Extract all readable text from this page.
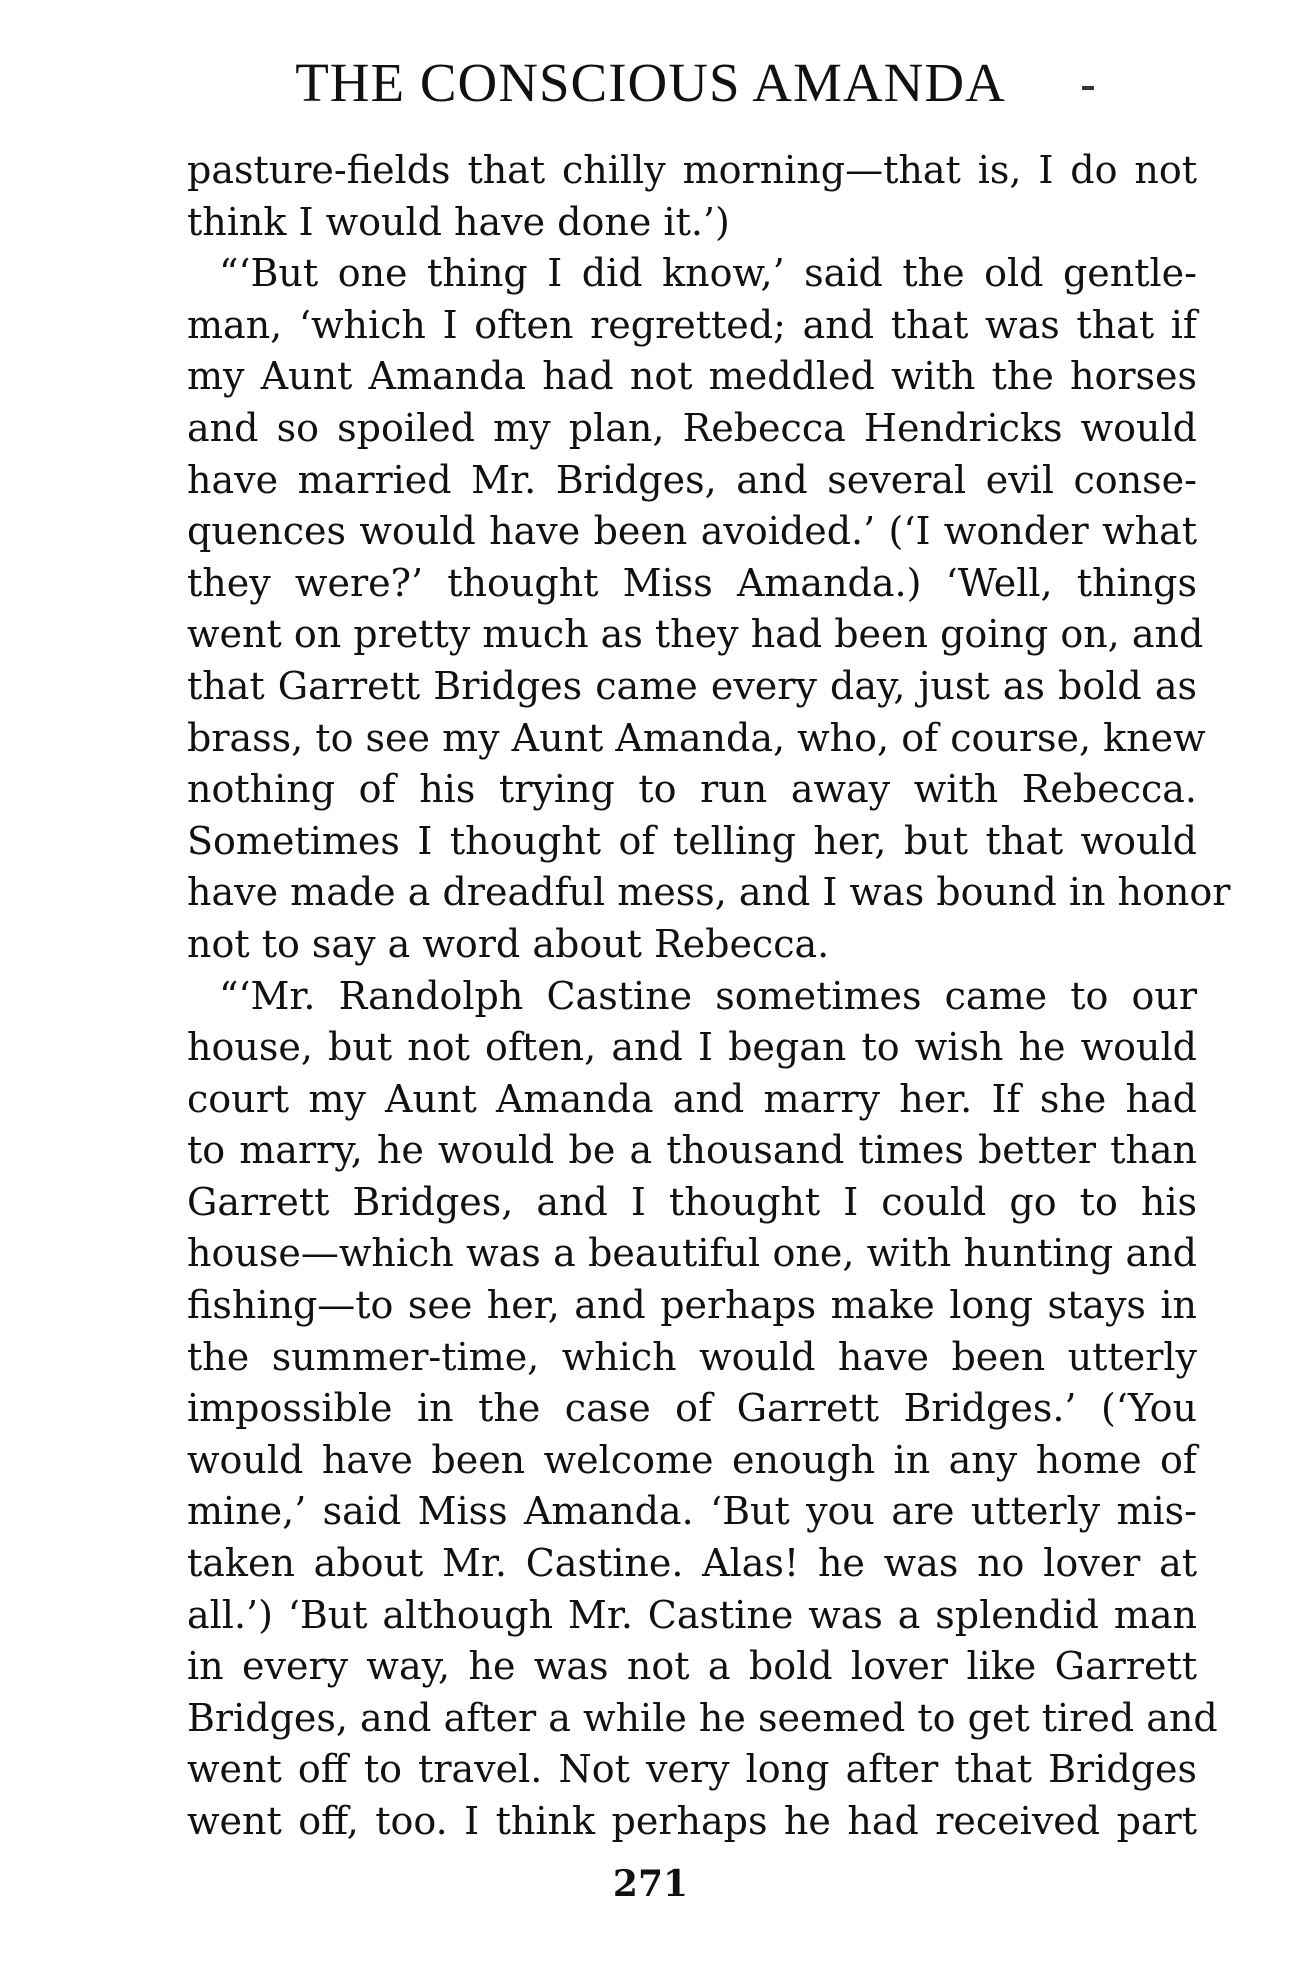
THE CONSCIOUS AMANDA
pasture-fields that chilly morning—that is, I do not
think I would have done it.’)
“‘But one thing I did know,’ said the old gentle-
man, ‘which I often regretted; and that was that if
my Aunt Amanda had not meddled with the horses
and so spoiled my plan, Rebecca Hendricks would
have married Mr. Bridges, and several evil conse-
quences would have been avoided.’ (‘I wonder what
they were?’ thought Miss Amanda.) ‘Well, things
went on pretty much as they had been going on, and
that Garrett Bridges came every day, just as bold as
brass, to see my Aunt Amanda, who, of course, knew
nothing of his trying to run away with Rebecca.
Sometimes I thought of telling her, but that would
have made a dreadful mess, and I was bound in honor
not to say a word about Rebecca.
“‘Mr. Randolph Castine sometimes came to our
house, but not often, and I began to wish he would
court my Aunt Amanda and marry her. If she had
to marry, he would be a thousand times better than
Garrett Bridges, and I thought I could go to his
house—which was a beautiful one, with hunting and
fishing—to see her, and perhaps make long stays in
the summer-time, which would have been utterly
impossible in the case of Garrett Bridges.’ (‘You
would have been welcome enough in any home of
mine,’ said Miss Amanda. ‘But you are utterly mis-
taken about Mr. Castine. Alas! he was no lover at
all.’) ‘But although Mr. Castine was a splendid man
in every way, he was not a bold lover like Garrett
Bridges, and after a while he seemed to get tired and
went off to travel. Not very long after that Bridges
went off, too. I think perhaps he had received part
271
